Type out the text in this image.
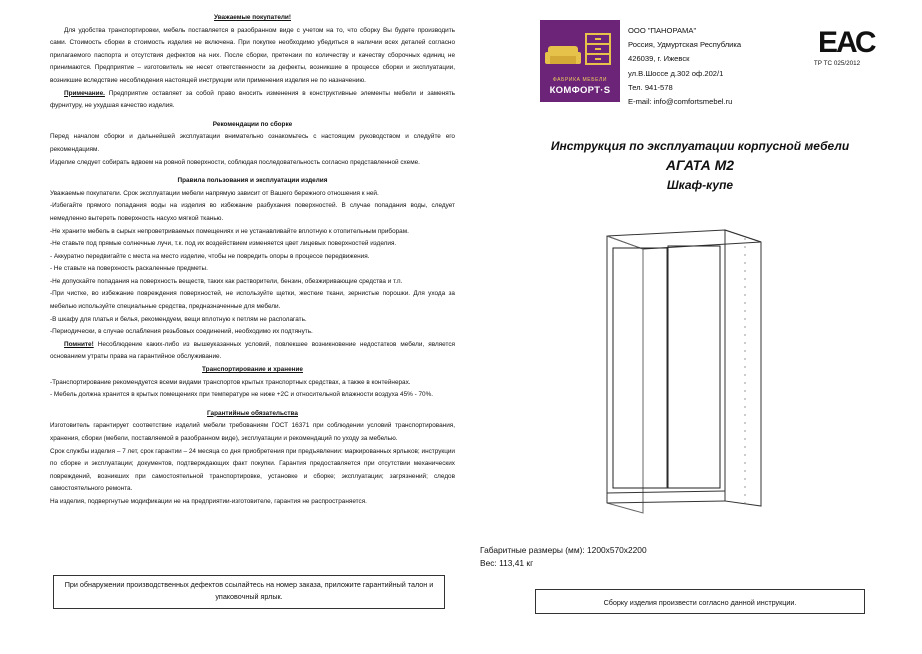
Уважаемые покупатели!

Для удобства транспортировки, мебель поставляется в разобранном виде с учетом на то, что сборку Вы будете производить сами. Стоимость сборки в стоимость изделия не включена. При покупке необходимо убедиться в наличии всех деталей согласно прилагаемого паспорта и отсутствия дефектов на них. После сборки, претензии по количеству и качеству сборочных единиц не принимаются. Предприятие – изготовитель не несет ответственности за дефекты, возникшие в процессе сборки и эксплуатации, возникшие вследствие несоблюдения настоящей инструкции или применения изделия не по назначению.

Примечание. Предприятие оставляет за собой право вносить изменения в конструктивные элементы мебели и заменять фурнитуру, не ухудшая качество изделия.

Рекомендации по сборке

Перед началом сборки и дальнейшей эксплуатации внимательно ознакомьтесь с настоящим руководством и следуйте его рекомендациям.

Изделие следует собирать вдвоем на ровной поверхности, соблюдая последовательность согласно представленной схеме.

Правила пользования и эксплуатации изделия

Уважаемые покупатели. Срок эксплуатации мебели напрямую зависит от Вашего бережного отношения к ней.

-Избегайте прямого попадания воды на изделия во избежание разбухания поверхностей. В случае попадания воды, следует немедленно вытереть поверхность насухо мягкой тканью.

-Не храните мебель в сырых непроветриваемых помещениях и не устанавливайте вплотную к отопительным приборам.

-Не ставьте под прямые солнечные лучи, т.к. под их воздействием изменяется цвет лицевых поверхностей изделия.

- Аккуратно передвигайте с места на место изделие, чтобы не повредить опоры в процессе передвижения.

- Не ставьте на поверхность раскаленные предметы.

-Не допускайте попадания на поверхность веществ, таких как растворители, бензин, обезжиривающие средства и т.п.

-При чистке, во избежание повреждения поверхностей, не используйте щетки, жесткие ткани, зернистые порошки. Для ухода за мебелью используйте специальные средства, предназначенные для мебели.

-В шкафу для платья и белья, рекомендуем, вещи вплотную к петлям не располагать.

-Периодически, в случае ослабления резьбовых соединений, необходимо их подтянуть.

Помните! Несоблюдение каких-либо из вышеуказанных условий, повлекшее возникновение недостатков мебели, является основанием утраты права на гарантийное обслуживание.

Транспортирование и хранение

-Транспортирование рекомендуется всеми видами транспортов крытых транспортных средствах, а также в контейнерах.

- Мебель должна хранится в крытых помещениях при температуре не ниже +2С и относительной влажности воздуха 45% - 70%.

Гарантийные обязательства

Изготовитель гарантирует соответствие изделий мебели требованиям ГОСТ 16371 при соблюдении условий транспортирования, хранения, сборки (мебели, поставляемой в разобранном виде), эксплуатации и рекомендаций по уходу за мебелью.

Срок службы изделия – 7 лет, срок гарантии – 24 месяца со дня приобретения при предъявлении: маркированных ярлыков; инструкции по сборке и эксплуатации; документов, подтверждающих факт покупки. Гарантия предоставляется при отсутствии механических повреждений, возникших при самостоятельной транспортировке, установке и сборке; эксплуатации; загрязнений; следов самостоятельного ремонта.

На изделия, подвергнутые модификации не на предприятии-изготовителе, гарантия не распространяется.

При обнаружении производственных дефектов ссылайтесь на номер заказа, приложите гарантийный талон и упаковочный ярлык.
ФАБРИКА МЕБЕЛИ
КОМФОРТ·S
ООО "ПАНОРАМА"
Россия, Удмуртская Республика
426039, г. Ижевск
ул.В.Шоссе д.302 оф.202/1
Тел. 941-578
E-mail: info@comfortsmebel.ru
ЕАС
ТР ТС 025/2012
Инструкция по эксплуатации корпусной мебели
АГАТА М2
Шкаф-купе
Габаритные размеры (мм): 1200х570х2200
Вес: 113,41 кг
Сборку изделия произвести согласно данной инструкции.
